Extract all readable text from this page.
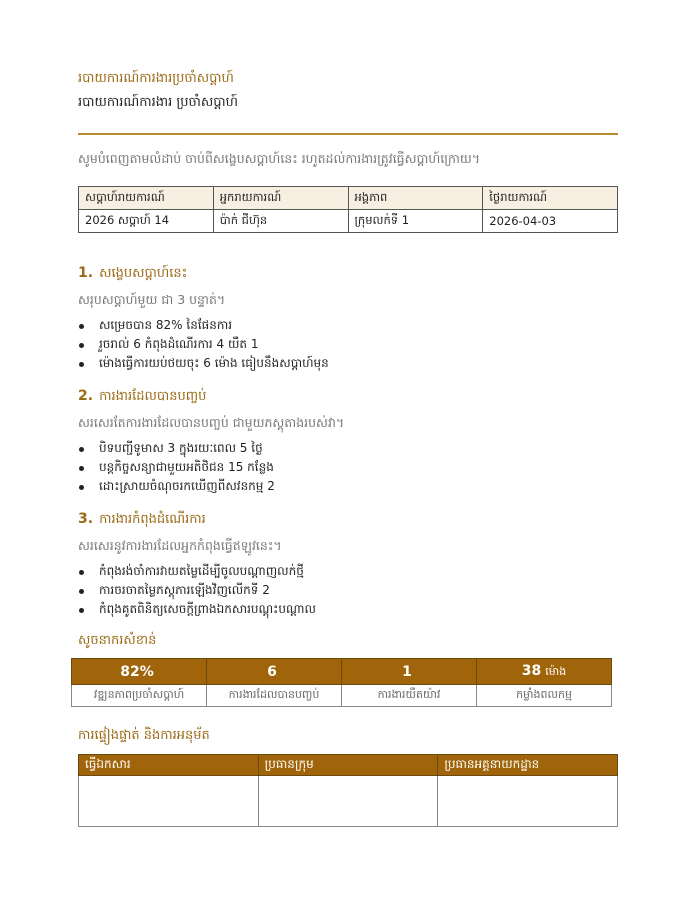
របាយការណ៍ការងារប្រចាំសប្តាហ៍
របាយការណ៍ការងារ ប្រចាំសប្តាហ៍
សូមបំពេញតាមលំដាប់ ចាប់ពីសង្ខេបសប្តាហ៍នេះ រហូតដល់ការងារត្រូវធ្វើសប្តាហ៍ក្រោយ។
សប្តាហ៍រាយការណ៍	អ្នករាយការណ៍	អង្គភាព	ថ្ងៃរាយការណ៍
2026 សប្តាហ៍ 14	ប៉ាក់ ជីហ៊ុន	ក្រុមលក់ទី 1	2026-04-03
1. សង្ខេបសប្តាហ៍នេះ
សរុបសប្តាហ៍មួយ ជា 3 បន្ទាត់។
សម្រេចបាន 82% នៃផែនការ
រួចរាល់ 6 កំពុងដំណើរការ 4 យឺត 1
ម៉ោងធ្វើការយប់ថយចុះ 6 ម៉ោង ធៀបនឹងសប្តាហ៍មុន
2. ការងារដែលបានបញ្ចប់
សរសេរតែការងារដែលបានបញ្ចប់ ជាមួយភស្តុតាងរបស់វា។
បិទបញ្ជីទូមាស 3 ក្នុងរយៈពេល 5 ថ្ងៃ
បន្តកិច្ចសន្យាជាមួយអតិថិជន 15 កន្លែង
ដោះស្រាយចំណុចរកឃើញពីសវនកម្ម 2
3. ការងារកំពុងដំណើរការ
សរសេរនូវការងារដែលអ្នកកំពុងធ្វើឥឡូវនេះ។
កំពុងរង់ចាំការវាយតម្លៃដើម្បីចូលបណ្តាញលក់ថ្មី
ការចរចាតម្លៃភស្តុភារឡើងវិញលើកទី 2
កំពុងគូតពិនិត្យសេចក្តីព្រាងឯកសារបណ្តុះបណ្តាល
សូចនាករសំខាន់
82%	6	1	38 ម៉ោង
វឌ្ឍនភាពប្រចាំសប្តាហ៍	ការងារដែលបានបញ្ចប់	ការងារយឺតយ៉ាវ	កម្លាំងពលកម្ម
ការផ្ទៀងផ្ទាត់ និងការអនុម័ត
ធ្វើឯកសារ	ប្រធានក្រុម	ប្រធានអគ្គនាយកដ្ឋាន
